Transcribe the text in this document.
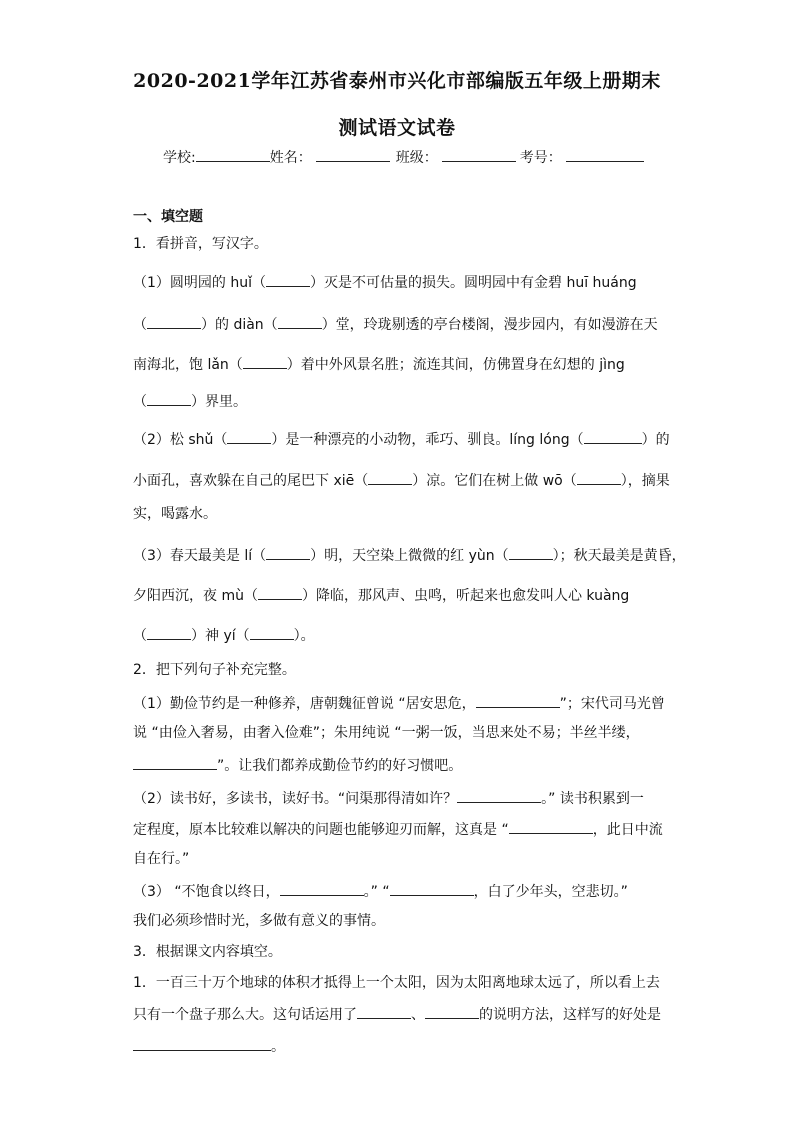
2020-2021学年江苏省泰州市兴化市部编版五年级上册期末
测试语文试卷
学校:	姓名：	班级：	考号：
一、填空题
1．看拼音，写汉字。
（1）圆明园的 huǐ（	）灭是不可估量的损失。圆明园中有金碧 huī huáng
（	）的 diàn（	）堂，玲珑剔透的亭台楼阁，漫步园内，有如漫游在天
南海北，饱 lǎn（	）着中外风景名胜；流连其间，仿佛置身在幻想的 jìng
（	）界里。
（2）松 shǔ（	）是一种漂亮的小动物，乖巧、驯良。líng lóng（	）的
小面孔，喜欢躲在自己的尾巴下 xiē（	）凉。它们在树上做 wō（	），摘果
实，喝露水。
（3）春天最美是 lí（	）明，天空染上微微的红 yùn（	）；秋天最美是黄昏，
夕阳西沉，夜 mù（	）降临，那风声、虫鸣，听起来也愈发叫人心 kuàng
（	）神 yí（	）。
2．把下列句子补充完整。
（1）勤俭节约是一种修养，唐朝魏征曾说 “居安思危，	”；宋代司马光曾
说 “由俭入奢易，由奢入俭难”；朱用纯说 “一粥一饭，当思来处不易；半丝半缕，
”。让我们都养成勤俭节约的好习惯吧。
（2）读书好，多读书，读好书。“问渠那得清如许？	。” 读书积累到一
定程度，原本比较难以解决的问题也能够迎刃而解，这真是 “	，此日中流
自在行。”
（3） “不饱食以终日，	。” “	，白了少年头，空悲切。”
我们必须珍惜时光，多做有意义的事情。
3．根据课文内容填空。
1．一百三十万个地球的体积才抵得上一个太阳，因为太阳离地球太远了，所以看上去
只有一个盘子那么大。这句话运用了	、	的说明方法，这样写的好处是
。
